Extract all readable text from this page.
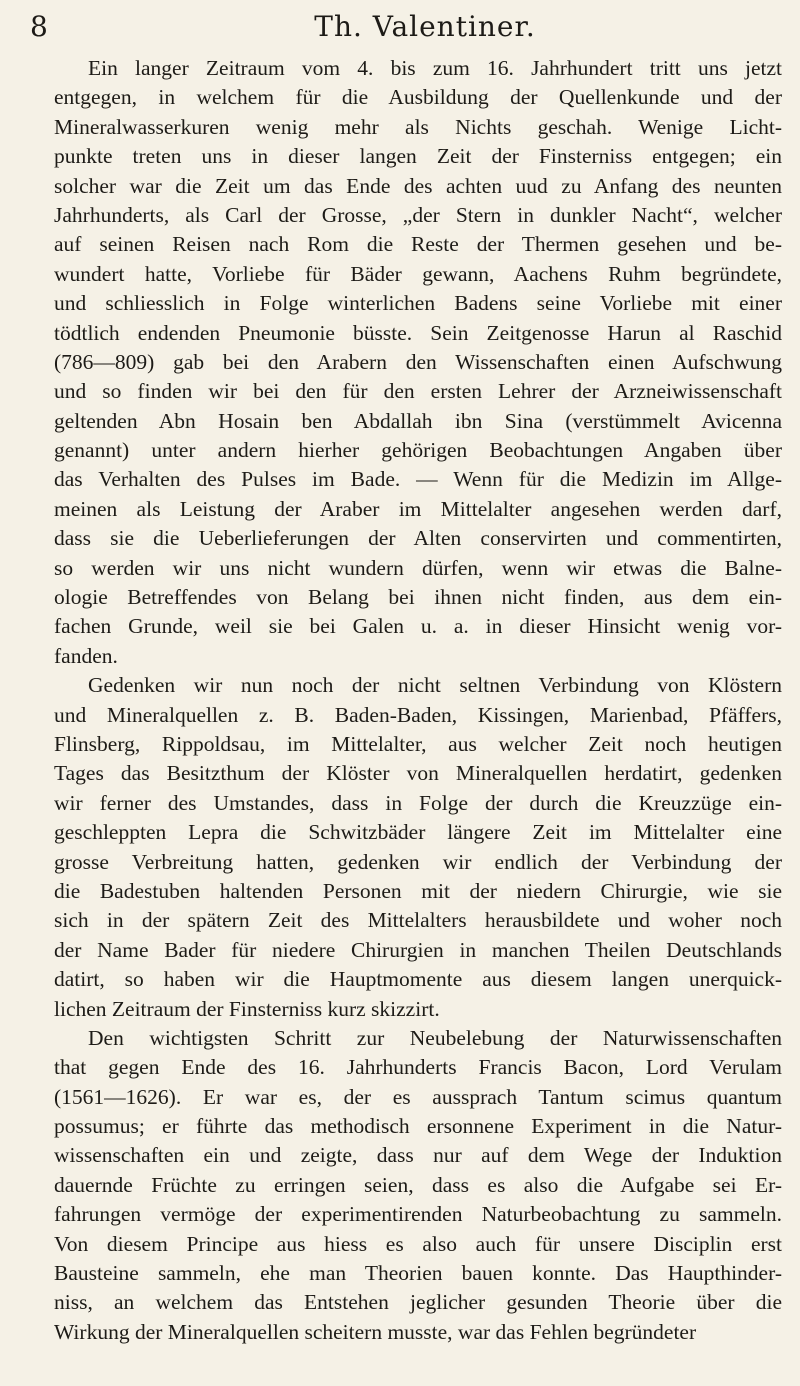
8	Th. Valentiner.
Ein langer Zeitraum vom 4. bis zum 16. Jahrhundert tritt uns jetzt
entgegen, in welchem für die Ausbildung der Quellenkunde und der
Mineralwasserkuren wenig mehr als Nichts geschah. Wenige Licht-
punkte treten uns in dieser langen Zeit der Finsterniss entgegen; ein
solcher war die Zeit um das Ende des achten uud zu Anfang des neunten
Jahrhunderts, als Carl der Grosse, „der Stern in dunkler Nacht“, welcher
auf seinen Reisen nach Rom die Reste der Thermen gesehen und be-
wundert hatte, Vorliebe für Bäder gewann, Aachens Ruhm begründete,
und schliesslich in Folge winterlichen Badens seine Vorliebe mit einer
tödtlich endenden Pneumonie büsste. Sein Zeitgenosse Harun al Raschid
(786—809) gab bei den Arabern den Wissenschaften einen Aufschwung
und so finden wir bei den für den ersten Lehrer der Arzneiwissenschaft
geltenden Abn Hosain ben Abdallah ibn Sina (verstümmelt Avicenna
genannt) unter andern hierher gehörigen Beobachtungen Angaben über
das Verhalten des Pulses im Bade. — Wenn für die Medizin im Allge-
meinen als Leistung der Araber im Mittelalter angesehen werden darf,
dass sie die Ueberlieferungen der Alten conservirten und commentirten,
so werden wir uns nicht wundern dürfen, wenn wir etwas die Balne-
ologie Betreffendes von Belang bei ihnen nicht finden, aus dem ein-
fachen Grunde, weil sie bei Galen u. a. in dieser Hinsicht wenig vor-
fanden.
Gedenken wir nun noch der nicht seltnen Verbindung von Klöstern
und Mineralquellen z. B. Baden-Baden, Kissingen, Marienbad, Pfäffers,
Flinsberg, Rippoldsau, im Mittelalter, aus welcher Zeit noch heutigen
Tages das Besitzthum der Klöster von Mineralquellen herdatirt, gedenken
wir ferner des Umstandes, dass in Folge der durch die Kreuzzüge ein-
geschleppten Lepra die Schwitzbäder längere Zeit im Mittelalter eine
grosse Verbreitung hatten, gedenken wir endlich der Verbindung der
die Badestuben haltenden Personen mit der niedern Chirurgie, wie sie
sich in der spätern Zeit des Mittelalters herausbildete und woher noch
der Name Bader für niedere Chirurgien in manchen Theilen Deutschlands
datirt, so haben wir die Hauptmomente aus diesem langen unerquick-
lichen Zeitraum der Finsterniss kurz skizzirt.
Den wichtigsten Schritt zur Neubelebung der Naturwissenschaften
that gegen Ende des 16. Jahrhunderts Francis Bacon, Lord Verulam
(1561—1626). Er war es, der es aussprach Tantum scimus quantum
possumus; er führte das methodisch ersonnene Experiment in die Natur-
wissenschaften ein und zeigte, dass nur auf dem Wege der Induktion
dauernde Früchte zu erringen seien, dass es also die Aufgabe sei Er-
fahrungen vermöge der experimentirenden Naturbeobachtung zu sammeln.
Von diesem Principe aus hiess es also auch für unsere Disciplin erst
Bausteine sammeln, ehe man Theorien bauen konnte. Das Haupthinder-
niss, an welchem das Entstehen jeglicher gesunden Theorie über die
Wirkung der Mineralquellen scheitern musste, war das Fehlen begründeter
